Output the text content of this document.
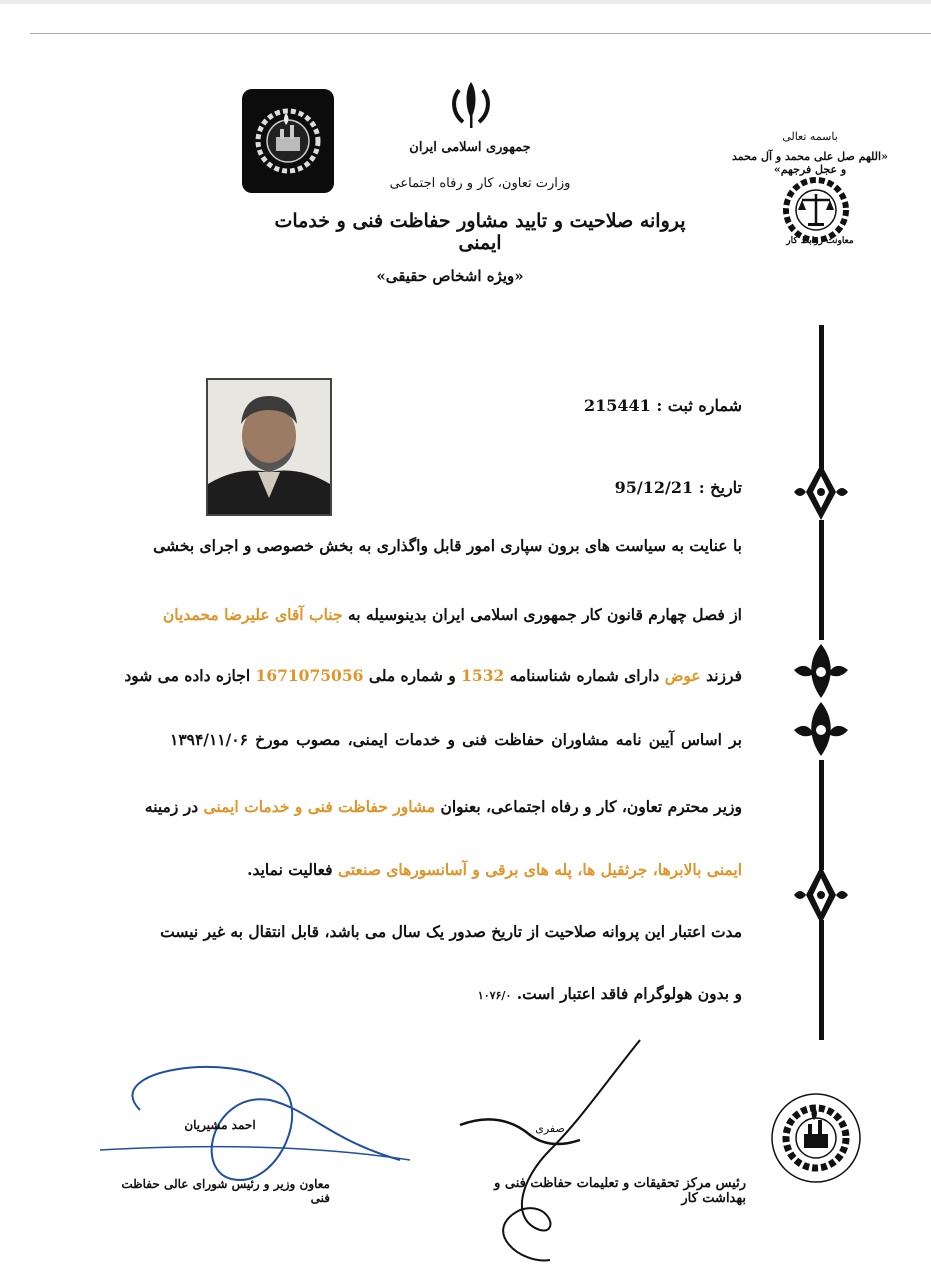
جمهوری اسلامی ایران
وزارت تعاون، کار و رفاه اجتماعی
پروانه صلاحیت و تایید مشاور حفاظت فنی و خدمات ایمنی
«ویژه اشخاص حقیقی»
باسمه تعالی
«اللهم صل علی محمد و آل محمد و عجل فرجهم»
معاونت روابط کار
شماره ثبت : 215441
تاریخ : 95/12/21
با عنایت به سیاست های برون سپاری امور قابل واگذاری به بخش خصوصی و اجرای بخشی
از فصل چهارم قانون کار جمهوری اسلامی ایران بدینوسیله به جناب آقای علیرضا محمدیان
فرزند عوض دارای شماره شناسنامه 1532 و شماره ملی 1671075056 اجازه داده می شود
بر اساس آیین نامه مشاوران حفاظت فنی و خدمات ایمنی، مصوب مورخ ۱۳۹۴/۱۱/۰۶
وزیر محترم تعاون، کار و رفاه اجتماعی، بعنوان مشاور حفاظت فنی و خدمات ایمنی در زمینه
ایمنی بالابرها، جرثقیل ها، پله های برقی و آسانسورهای صنعتی فعالیت نماید.
مدت اعتبار این پروانه صلاحیت از تاریخ صدور یک سال می باشد، قابل انتقال به غیر نیست
و بدون هولوگرام فاقد اعتبار است. ۱۰۷۶/۰
صفری
رئیس مرکز تحقیقات و تعلیمات حفاظت فنی و بهداشت کار
احمد مشیریان
معاون وزیر و رئیس شورای عالی حفاظت فنی
